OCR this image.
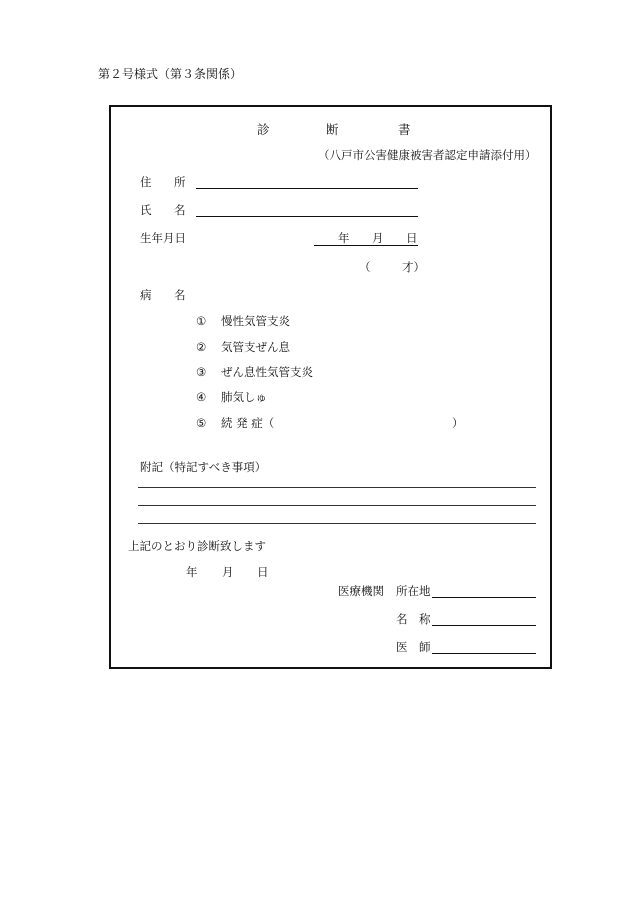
第２号様式（第３条関係）
診	断	書
（八戸市公害健康被害者認定申請添付用）
住 所
氏 名
生年月日	年 月 日
（	才）
病 名
① 慢性気管支炎
② 気管支ぜん息
③ ぜん息性気管支炎
④ 肺気しゅ
⑤ 続 発 症（	）
附記（特記すべき事項）
上記のとおり診断致します
年 月 日
医療機関 所在地
名 称
医 師
